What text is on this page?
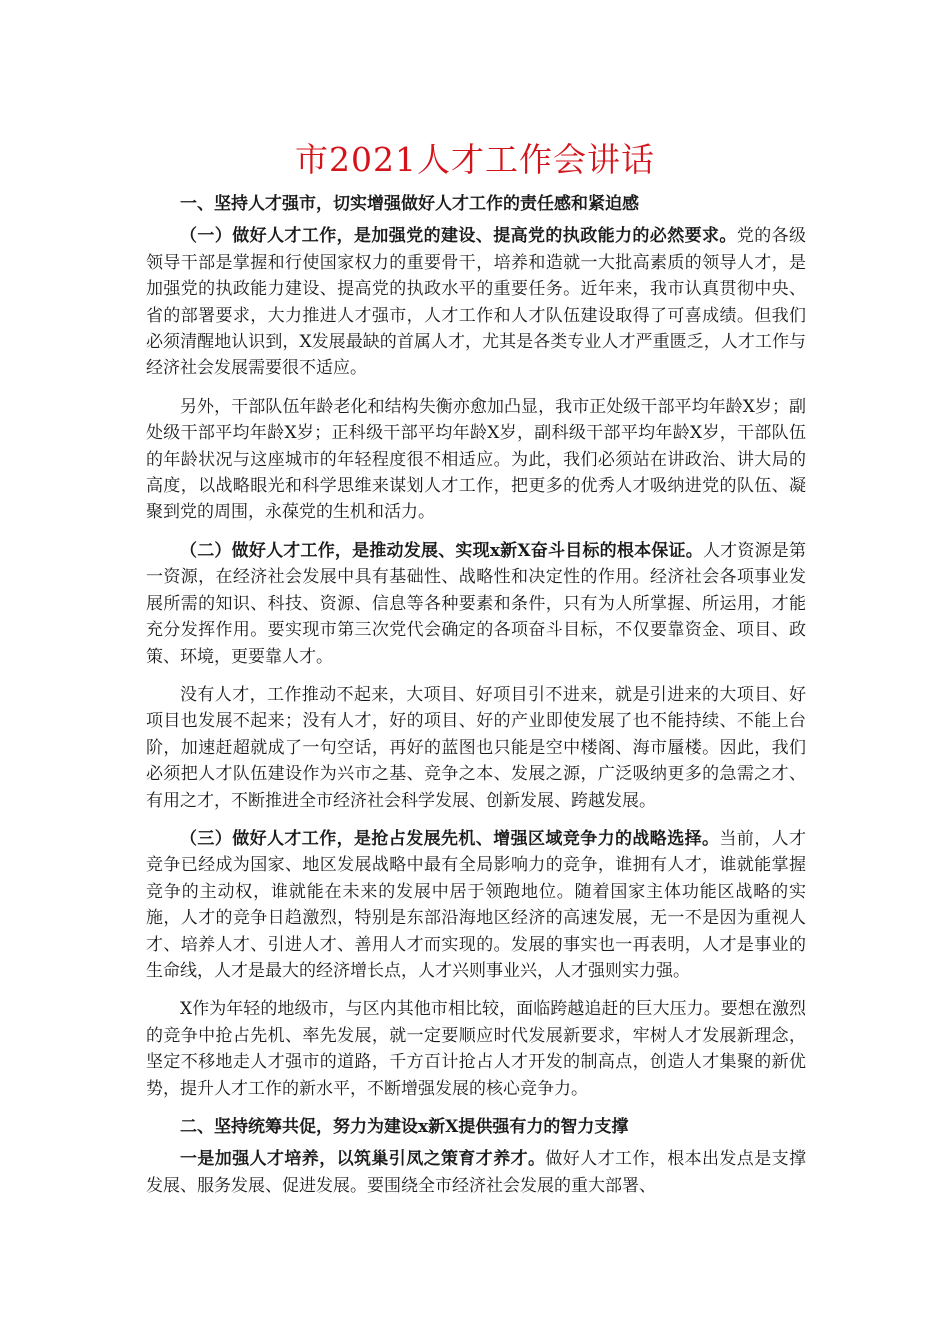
市2021人才工作会讲话

一、坚持人才强市，切实增强做好人才工作的责任感和紧迫感

（一）做好人才工作，是加强党的建设、提高党的执政能力的必然要求。党的各级领导干部是掌握和行使国家权力的重要骨干，培养和造就一大批高素质的领导人才，是加强党的执政能力建设、提高党的执政水平的重要任务。近年来，我市认真贯彻中央、省的部署要求，大力推进人才强市，人才工作和人才队伍建设取得了可喜成绩。但我们必须清醒地认识到，X发展最缺的首属人才，尤其是各类专业人才严重匮乏，人才工作与经济社会发展需要很不适应。

另外，干部队伍年龄老化和结构失衡亦愈加凸显，我市正处级干部平均年龄X岁；副处级干部平均年龄X岁；正科级干部平均年龄X岁，副科级干部平均年龄X岁，干部队伍的年龄状况与这座城市的年轻程度很不相适应。为此，我们必须站在讲政治、讲大局的高度，以战略眼光和科学思维来谋划人才工作，把更多的优秀人才吸纳进党的队伍、凝聚到党的周围，永葆党的生机和活力。

（二）做好人才工作，是推动发展、实现x新X奋斗目标的根本保证。人才资源是第一资源，在经济社会发展中具有基础性、战略性和决定性的作用。经济社会各项事业发展所需的知识、科技、资源、信息等各种要素和条件，只有为人所掌握、所运用，才能充分发挥作用。要实现市第三次党代会确定的各项奋斗目标，不仅要靠资金、项目、政策、环境，更要靠人才。

没有人才，工作推动不起来，大项目、好项目引不进来，就是引进来的大项目、好项目也发展不起来；没有人才，好的项目、好的产业即使发展了也不能持续、不能上台阶，加速赶超就成了一句空话，再好的蓝图也只能是空中楼阁、海市蜃楼。因此，我们必须把人才队伍建设作为兴市之基、竞争之本、发展之源，广泛吸纳更多的急需之才、有用之才，不断推进全市经济社会科学发展、创新发展、跨越发展。

（三）做好人才工作，是抢占发展先机、增强区域竞争力的战略选择。当前，人才竞争已经成为国家、地区发展战略中最有全局影响力的竞争，谁拥有人才，谁就能掌握竞争的主动权，谁就能在未来的发展中居于领跑地位。随着国家主体功能区战略的实施，人才的竞争日趋激烈，特别是东部沿海地区经济的高速发展，无一不是因为重视人才、培养人才、引进人才、善用人才而实现的。发展的事实也一再表明，人才是事业的生命线，人才是最大的经济增长点，人才兴则事业兴，人才强则实力强。

X作为年轻的地级市，与区内其他市相比较，面临跨越追赶的巨大压力。要想在激烈的竞争中抢占先机、率先发展，就一定要顺应时代发展新要求，牢树人才发展新理念，坚定不移地走人才强市的道路，千方百计抢占人才开发的制高点，创造人才集聚的新优势，提升人才工作的新水平，不断增强发展的核心竞争力。

二、坚持统筹共促，努力为建设x新X提供强有力的智力支撑

一是加强人才培养，以筑巢引凤之策育才养才。做好人才工作，根本出发点是支撑发展、服务发展、促进发展。要围绕全市经济社会发展的重大部署、
